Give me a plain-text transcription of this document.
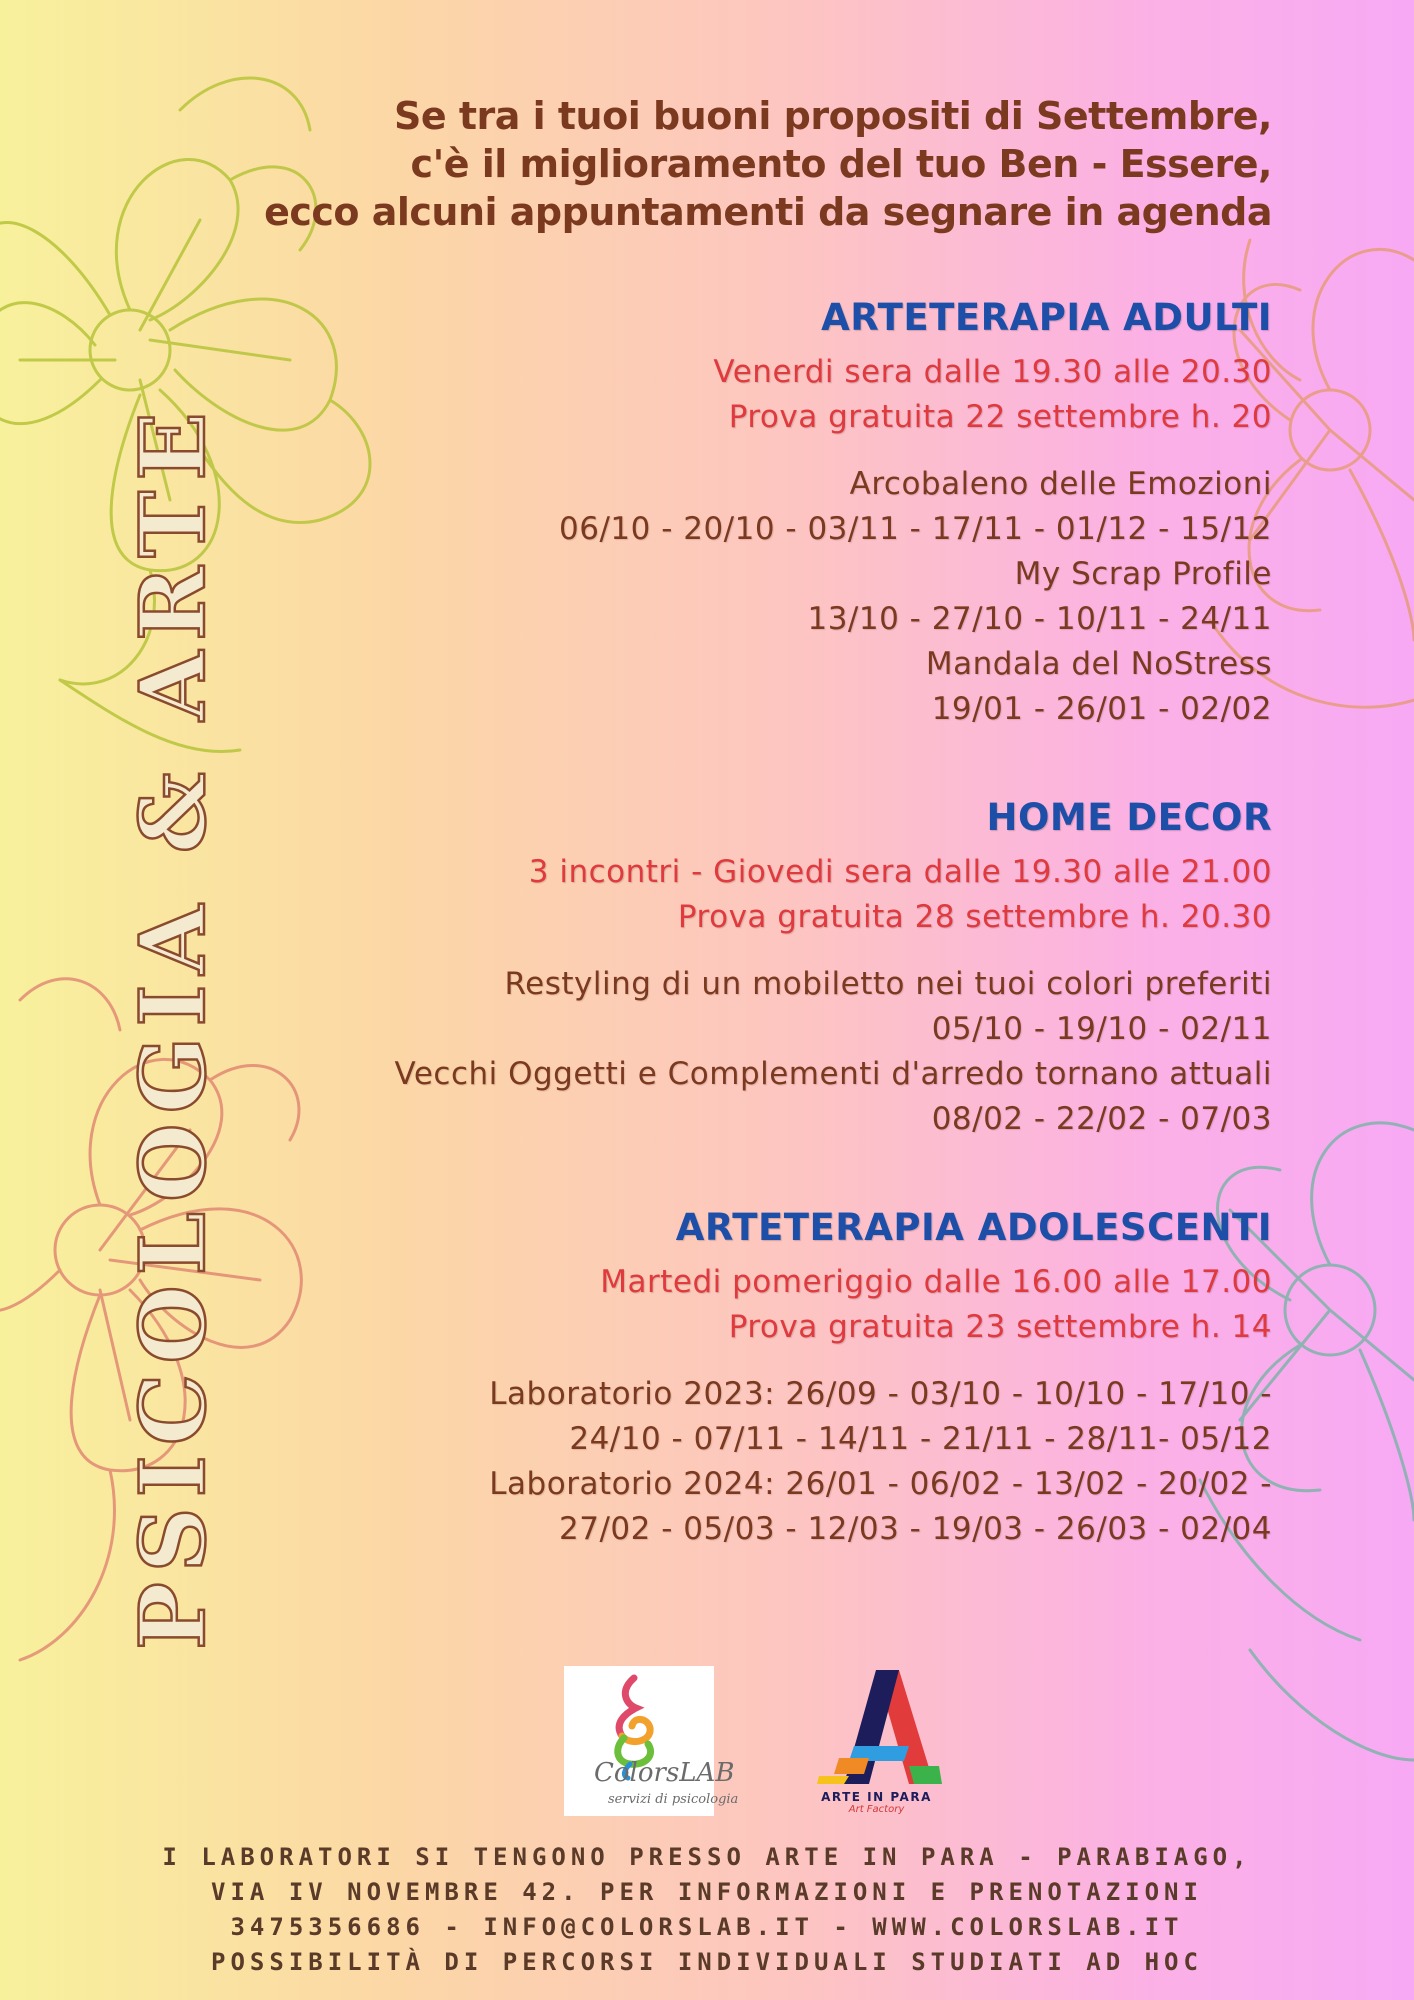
PSICOLOGIA & ARTE
Se tra i tuoi buoni propositi di Settembre,
c'è il miglioramento del tuo Ben - Essere,
ecco alcuni appuntamenti da segnare in agenda
ARTETERAPIA ADULTI
Venerdi sera dalle 19.30 alle 20.30
Prova gratuita 22 settembre h. 20
Arcobaleno delle Emozioni
06/10 - 20/10 - 03/11 - 17/11 - 01/12 - 15/12
My Scrap Profile
13/10 - 27/10 - 10/11 - 24/11
Mandala del NoStress
19/01 - 26/01 - 02/02
HOME DECOR
3 incontri - Giovedi sera dalle 19.30 alle 21.00
Prova gratuita 28 settembre h. 20.30
Restyling di un mobiletto nei tuoi colori preferiti
05/10 - 19/10 - 02/11
Vecchi Oggetti e Complementi d'arredo tornano attuali
08/02 - 22/02 - 07/03
ARTETERAPIA ADOLESCENTI
Martedi pomeriggio dalle 16.00 alle 17.00
Prova gratuita 23 settembre h. 14
Laboratorio 2023: 26/09 - 03/10 - 10/10 - 17/10 -
24/10 - 07/11 - 14/11 - 21/11 - 28/11- 05/12
Laboratorio 2024: 26/01 - 06/02 - 13/02 - 20/02 -
27/02 - 05/03 - 12/03 - 19/03 - 26/03 - 02/04
ColorsLAB
servizi di psicologia	ARTE IN PARA
Art Factory
I LABORATORI SI TENGONO PRESSO ARTE IN PARA - PARABIAGO,
VIA IV NOVEMBRE 42. PER INFORMAZIONI E PRENOTAZIONI
3475356686 - INFO@COLORSLAB.IT - WWW.COLORSLAB.IT
POSSIBILITÀ DI PERCORSI INDIVIDUALI STUDIATI AD HOC
